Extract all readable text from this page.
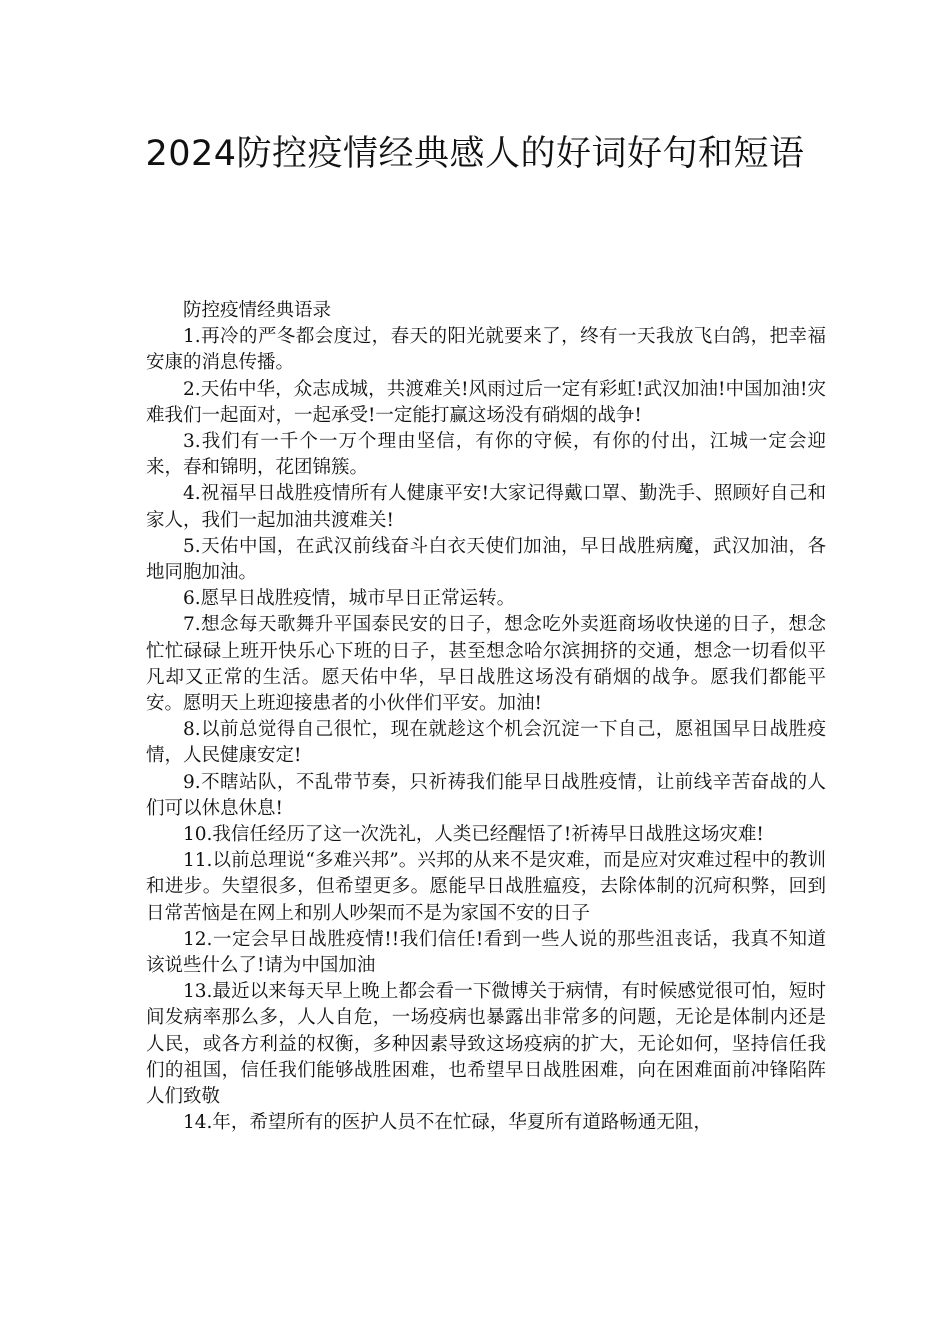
2024防控疫情经典感人的好词好句和短语

防控疫情经典语录

1.再冷的严冬都会度过，春天的阳光就要来了，终有一天我放飞白鸽，把幸福安康的消息传播。

2.天佑中华，众志成城，共渡难关!风雨过后一定有彩虹!武汉加油!中国加油!灾难我们一起面对，一起承受!一定能打赢这场没有硝烟的战争!

3.我们有一千个一万个理由坚信，有你的守候，有你的付出，江城一定会迎来，春和锦明，花团锦簇。

4.祝福早日战胜疫情所有人健康平安!大家记得戴口罩、勤洗手、照顾好自己和家人，我们一起加油共渡难关!

5.天佑中国，在武汉前线奋斗白衣天使们加油，早日战胜病魔，武汉加油，各地同胞加油。

6.愿早日战胜疫情，城市早日正常运转。

7.想念每天歌舞升平国泰民安的日子，想念吃外卖逛商场收快递的日子，想念忙忙碌碌上班开快乐心下班的日子，甚至想念哈尔滨拥挤的交通，想念一切看似平凡却又正常的生活。愿天佑中华，早日战胜这场没有硝烟的战争。愿我们都能平安。愿明天上班迎接患者的小伙伴们平安。加油!

8.以前总觉得自己很忙，现在就趁这个机会沉淀一下自己，愿祖国早日战胜疫情，人民健康安定!

9.不瞎站队，不乱带节奏，只祈祷我们能早日战胜疫情，让前线辛苦奋战的人们可以休息休息!

10.我信任经历了这一次洗礼，人类已经醒悟了!祈祷早日战胜这场灾难!

11.以前总理说“多难兴邦”。兴邦的从来不是灾难，而是应对灾难过程中的教训和进步。失望很多，但希望更多。愿能早日战胜瘟疫，去除体制的沉疴积弊，回到日常苦恼是在网上和别人吵架而不是为家国不安的日子

12.一定会早日战胜疫情!!我们信任!看到一些人说的那些沮丧话，我真不知道该说些什么了!请为中国加油

13.最近以来每天早上晚上都会看一下微博关于病情，有时候感觉很可怕，短时间发病率那么多，人人自危，一场疫病也暴露出非常多的问题，无论是体制内还是人民，或各方利益的权衡，多种因素导致这场疫病的扩大，无论如何，坚持信任我们的祖国，信任我们能够战胜困难，也希望早日战胜困难，向在困难面前冲锋陷阵人们致敬

14.年，希望所有的医护人员不在忙碌，华夏所有道路畅通无阻，
